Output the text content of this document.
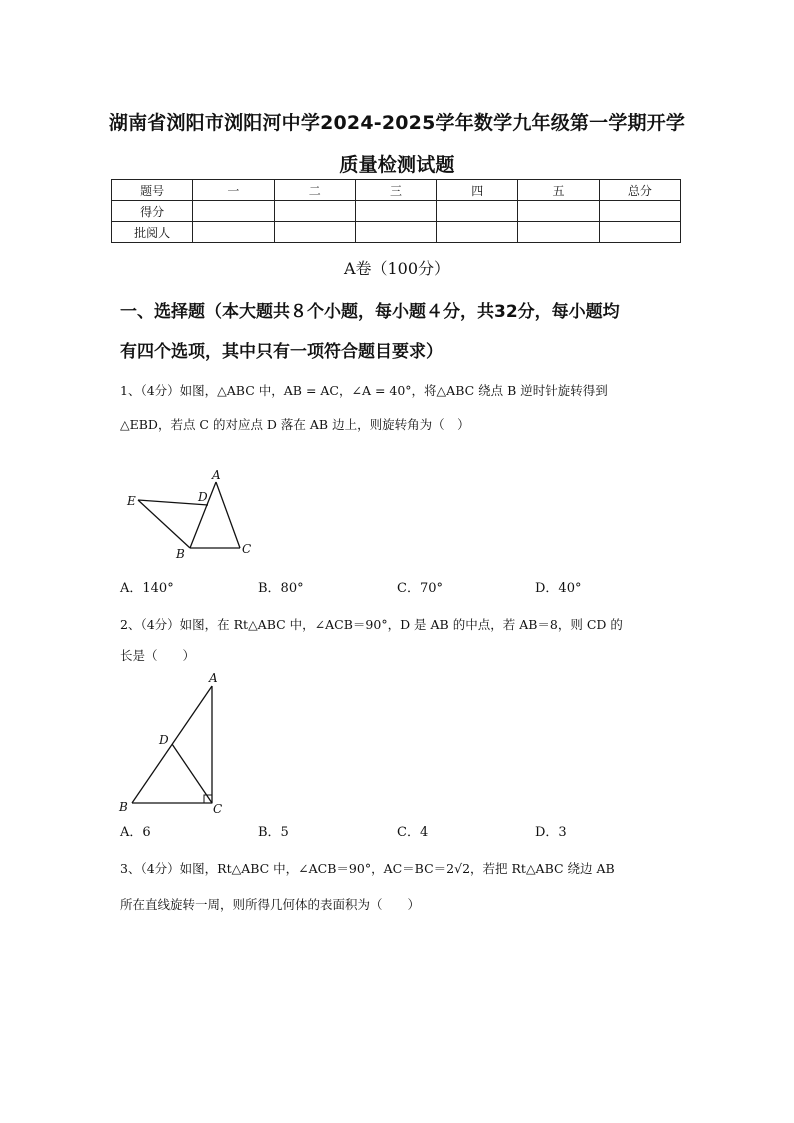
湖南省浏阳市浏阳河中学2024-2025学年数学九年级第一学期开学
质量检测试题
题号	一	二	三	四	五	总分
得分						
批阅人						
A卷（100分）
一、选择题（本大题共８个小题，每小题４分，共32分，每小题均
有四个选项，其中只有一项符合题目要求）
1、（4分）如图，△ABC 中，AB = AC，∠A = 40°，将△ABC 绕点 B 逆时针旋转得到
△EBD，若点 C 的对应点 D 落在 AB 边上，则旋转角为（　）
A
D
E
B	C
A．140°	B．80°	C．70°	D．40°
2、（4分）如图，在 Rt△ABC 中，∠ACB＝90°，D 是 AB 的中点，若 AB＝8，则 CD 的
长是（　　）
A
D
B	C
A．6	B．5	C．4	D．3
3、（4分）如图，Rt△ABC 中，∠ACB＝90°，AC＝BC＝2√2，若把 Rt△ABC 绕边 AB
所在直线旋转一周，则所得几何体的表面积为（　　）
